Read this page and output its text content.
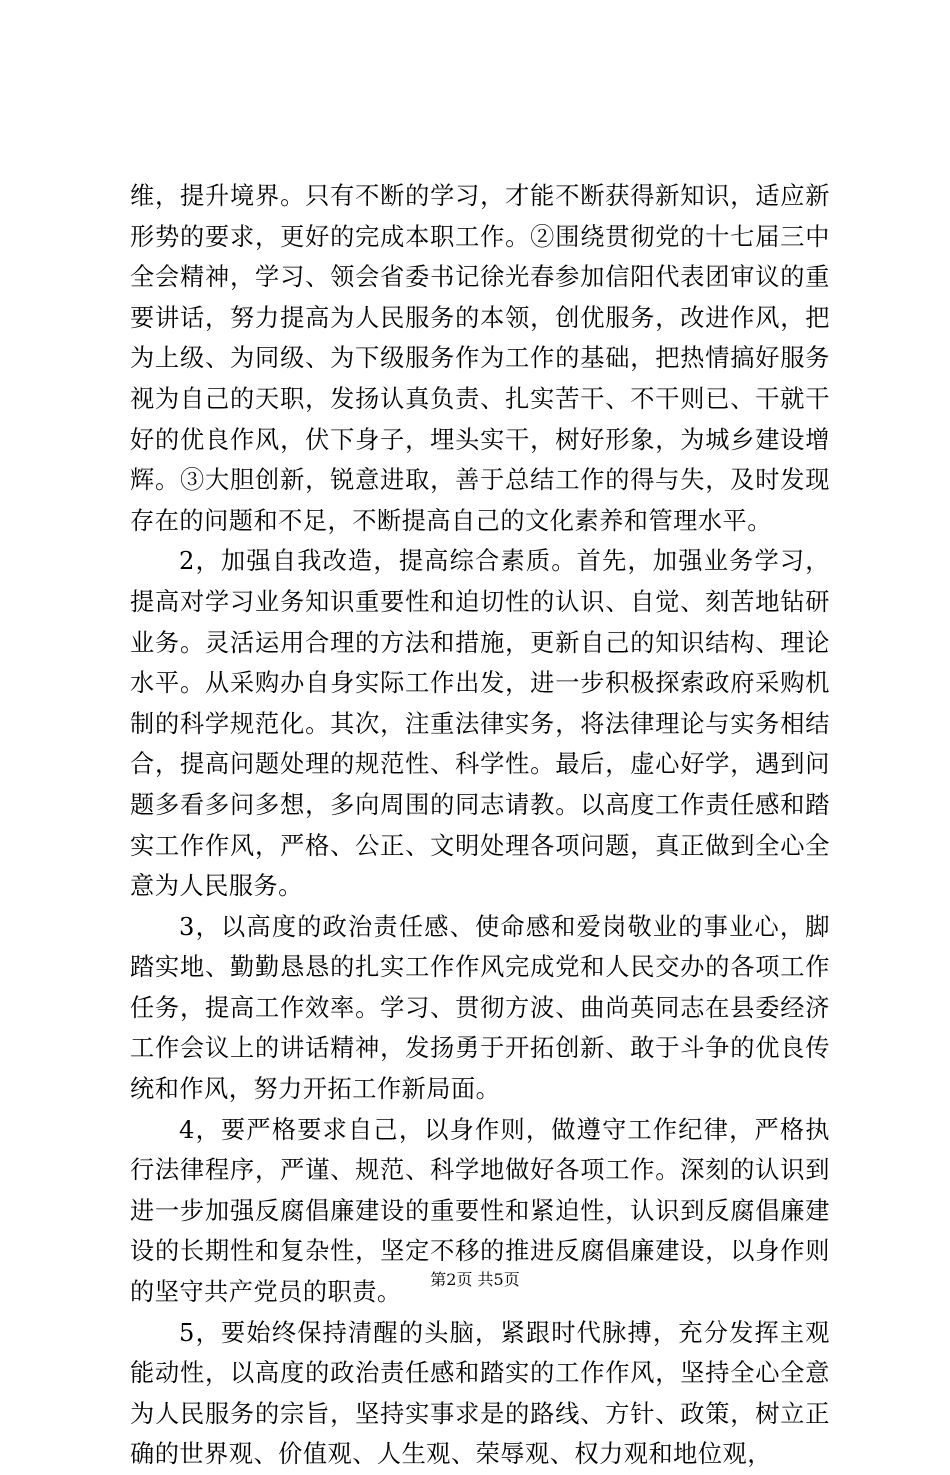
维，提升境界。只有不断的学习，才能不断获得新知识，适应新形势的要求，更好的完成本职工作。②围绕贯彻党的十七届三中全会精神，学习、领会省委书记徐光春参加信阳代表团审议的重要讲话，努力提高为人民服务的本领，创优服务，改进作风，把为上级、为同级、为下级服务作为工作的基础，把热情搞好服务视为自己的天职，发扬认真负责、扎实苦干、不干则已、干就干好的优良作风，伏下身子，埋头实干，树好形象，为城乡建设增辉。③大胆创新，锐意进取，善于总结工作的得与失，及时发现存在的问题和不足，不断提高自己的文化素养和管理水平。

2，加强自我改造，提高综合素质。首先，加强业务学习，提高对学习业务知识重要性和迫切性的认识、自觉、刻苦地钻研业务。灵活运用合理的方法和措施，更新自己的知识结构、理论水平。从采购办自身实际工作出发，进一步积极探索政府采购机制的科学规范化。其次，注重法律实务，将法律理论与实务相结合，提高问题处理的规范性、科学性。最后，虚心好学，遇到问题多看多问多想，多向周围的同志请教。以高度工作责任感和踏实工作作风，严格、公正、文明处理各项问题，真正做到全心全意为人民服务。

3，以高度的政治责任感、使命感和爱岗敬业的事业心，脚踏实地、勤勤恳恳的扎实工作作风完成党和人民交办的各项工作任务，提高工作效率。学习、贯彻方波、曲尚英同志在县委经济工作会议上的讲话精神，发扬勇于开拓创新、敢于斗争的优良传统和作风，努力开拓工作新局面。

4，要严格要求自己，以身作则，做遵守工作纪律，严格执行法律程序，严谨、规范、科学地做好各项工作。深刻的认识到进一步加强反腐倡廉建设的重要性和紧迫性，认识到反腐倡廉建设的长期性和复杂性，坚定不移的推进反腐倡廉建设，以身作则的坚守共产党员的职责。

5，要始终保持清醒的头脑，紧跟时代脉搏，充分发挥主观能动性，以高度的政治责任感和踏实的工作作风，坚持全心全意为人民服务的宗旨，坚持实事求是的路线、方针、政策，树立正确的世界观、价值观、人生观、荣辱观、权力观和地位观，

第2页 共5页
